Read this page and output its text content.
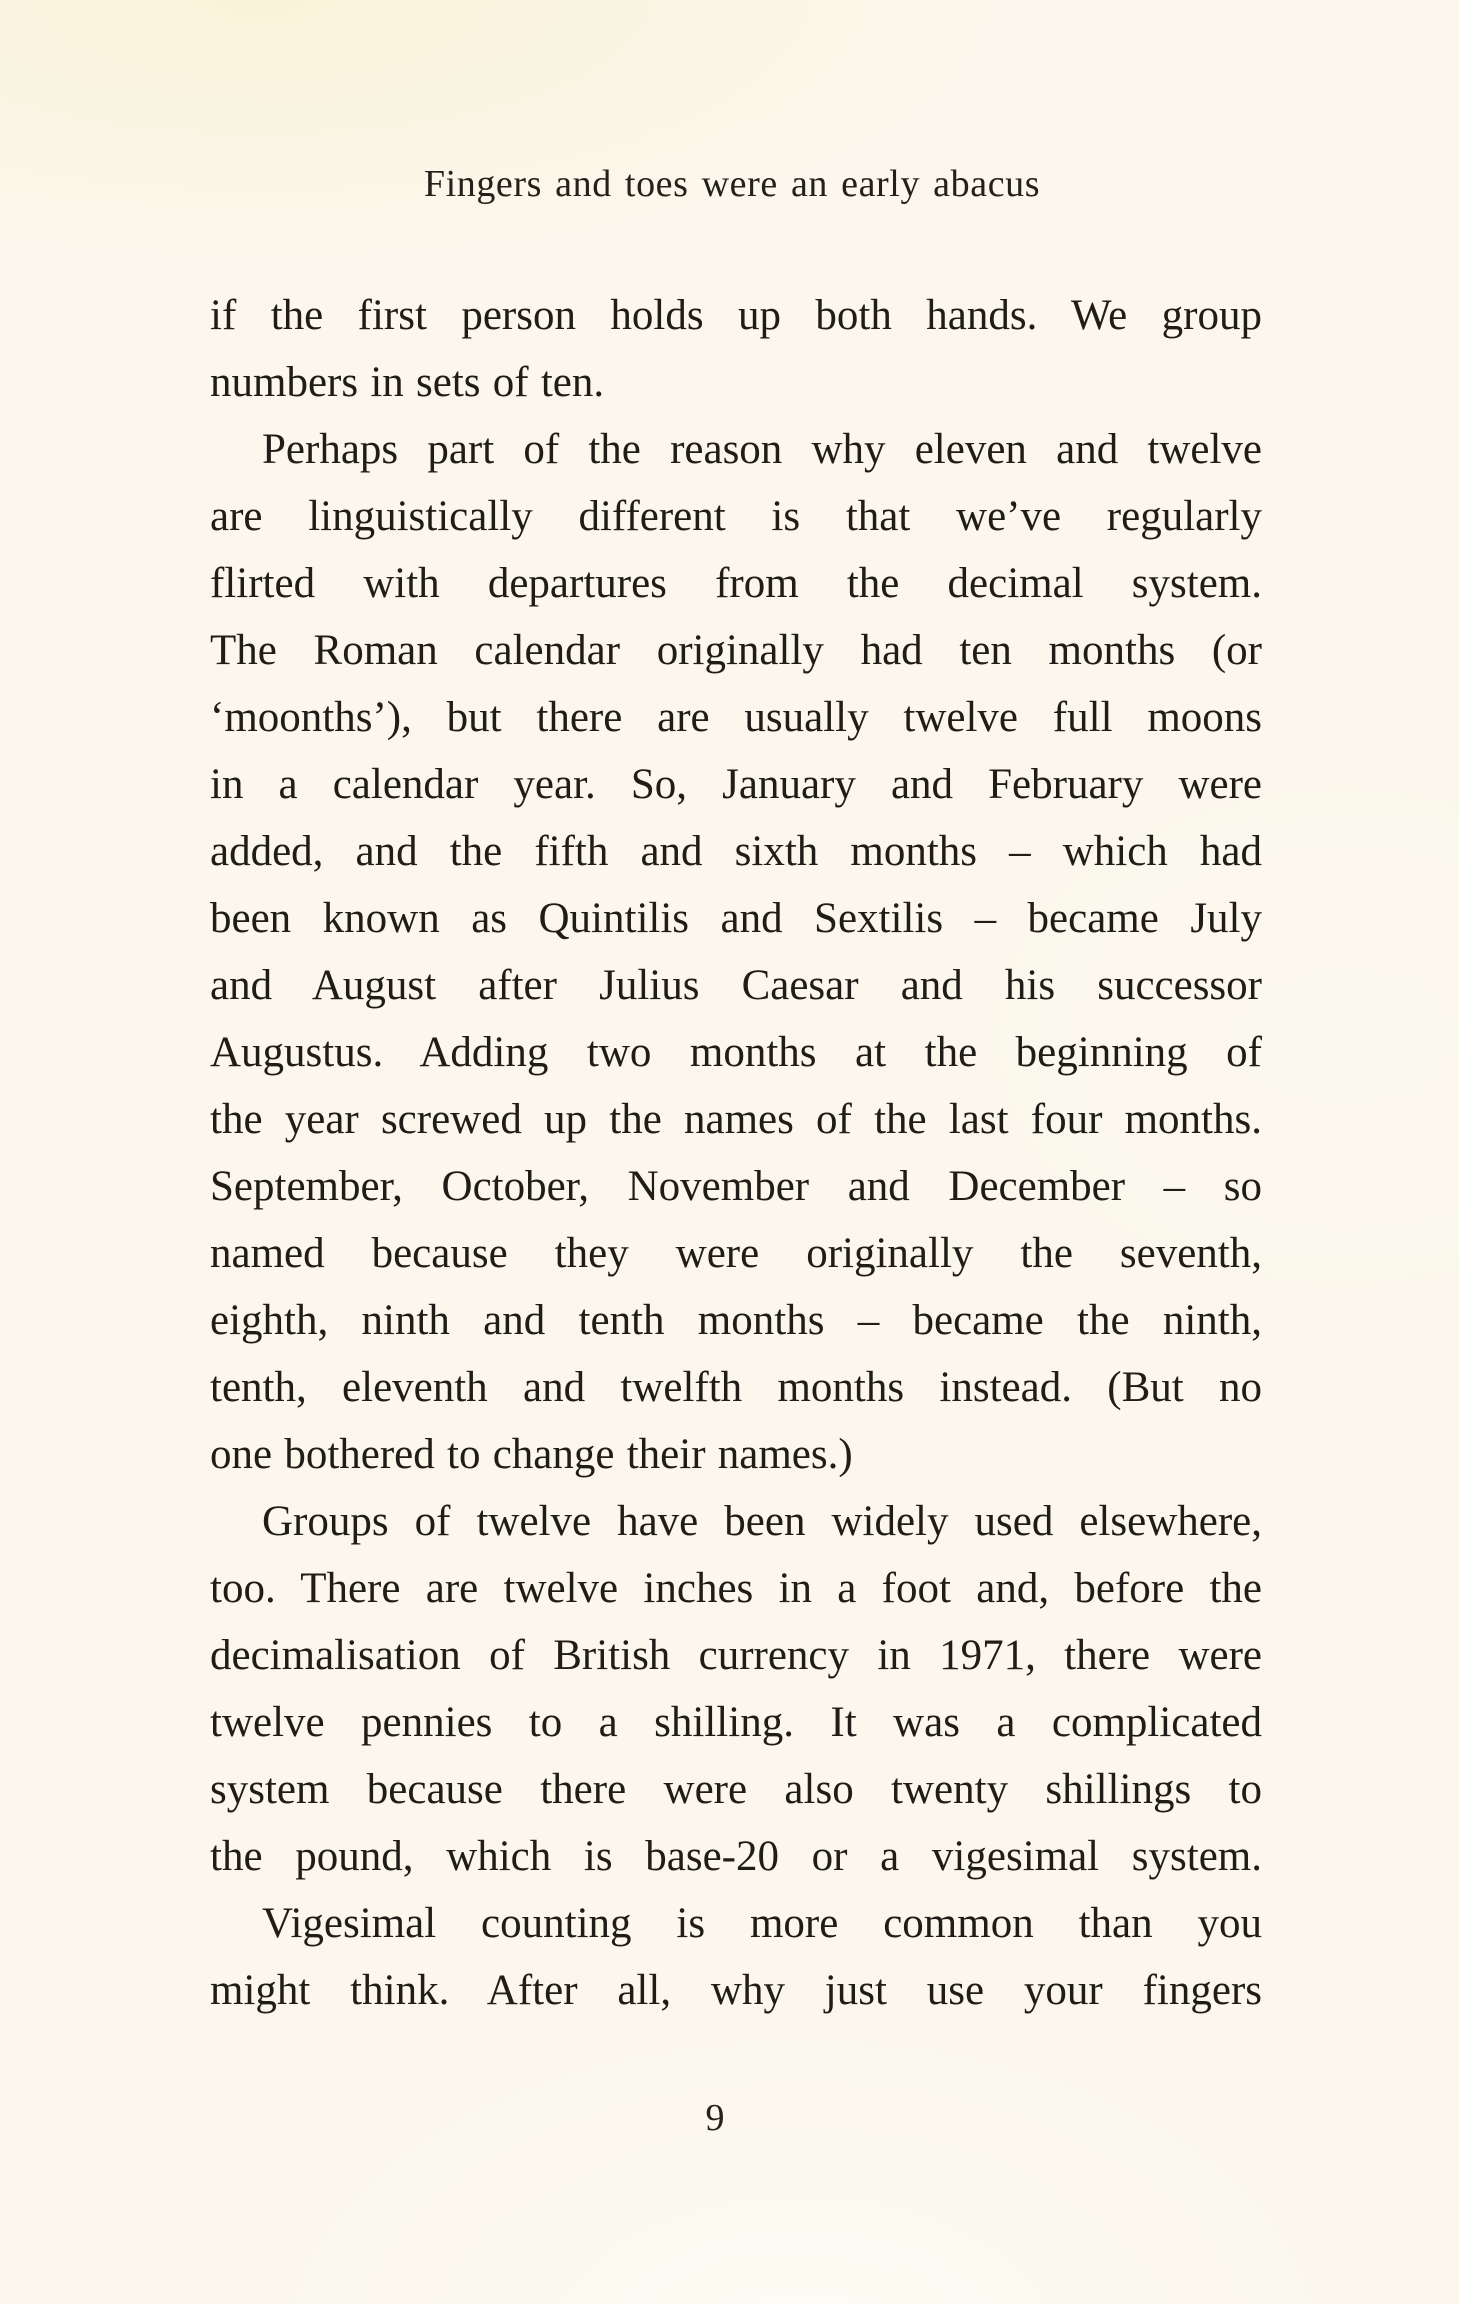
Fingers and toes were an early abacus
if the first person holds up both hands. We group
numbers in sets of ten.
Perhaps part of the reason why eleven and twelve
are linguistically different is that we’ve regularly
flirted with departures from the decimal system.
The Roman calendar originally had ten months (or
‘moonths’), but there are usually twelve full moons
in a calendar year. So, January and February were
added, and the fifth and sixth months – which had
been known as Quintilis and Sextilis – became July
and August after Julius Caesar and his successor
Augustus. Adding two months at the beginning of
the year screwed up the names of the last four months.
September, October, November and December – so
named because they were originally the seventh,
eighth, ninth and tenth months – became the ninth,
tenth, eleventh and twelfth months instead. (But no
one bothered to change their names.)
Groups of twelve have been widely used elsewhere,
too. There are twelve inches in a foot and, before the
decimalisation of British currency in 1971, there were
twelve pennies to a shilling. It was a complicated
system because there were also twenty shillings to
the pound, which is base-20 or a vigesimal system.
Vigesimal counting is more common than you
might think. After all, why just use your fingers
9
